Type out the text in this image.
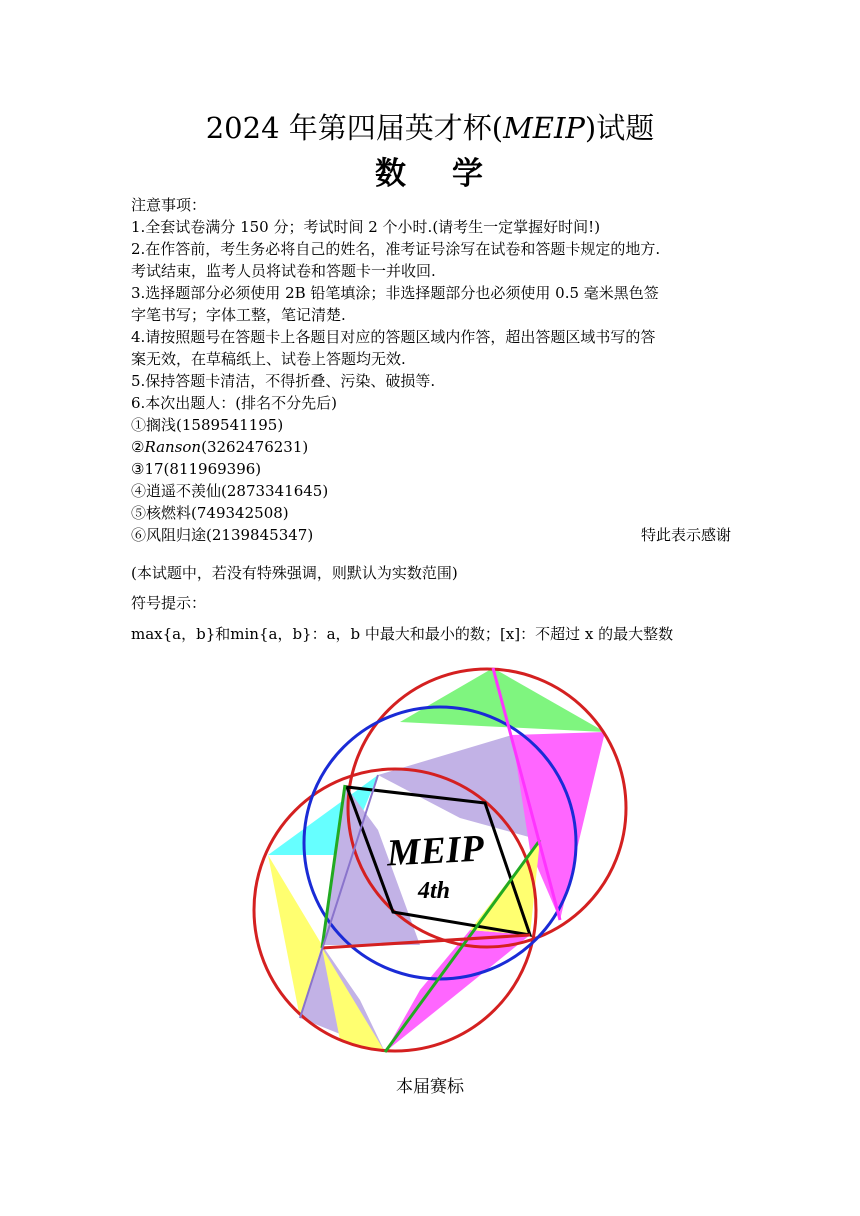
2024 年第四届英才杯(MEIP)试题
数 学
注意事项：
1.全套试卷满分 150 分；考试时间 2 个小时.(请考生一定掌握好时间!)
2.在作答前，考生务必将自己的姓名，准考证号涂写在试卷和答题卡规定的地方.
考试结束，监考人员将试卷和答题卡一并收回.
3.选择题部分必须使用 2B 铅笔填涂；非选择题部分也必须使用 0.5 毫米黑色签
字笔书写；字体工整，笔记清楚.
4.请按照题号在答题卡上各题目对应的答题区域内作答，超出答题区域书写的答
案无效，在草稿纸上、试卷上答题均无效.
5.保持答题卡清洁，不得折叠、污染、破损等.
6.本次出题人：(排名不分先后)
①搁浅(1589541195)
②Ranson(3262476231)
③17(811969396)
④逍遥不羡仙(2873341645)
⑤核燃料(749342508)
⑥风阻归途(2139845347)	特此表示感谢
(本试题中，若没有特殊强调，则默认为实数范围)
符号提示：
max{a，b}和min{a，b}：a，b 中最大和最小的数；[x]：不超过 x 的最大整数
MEIP
4th
本届赛标
